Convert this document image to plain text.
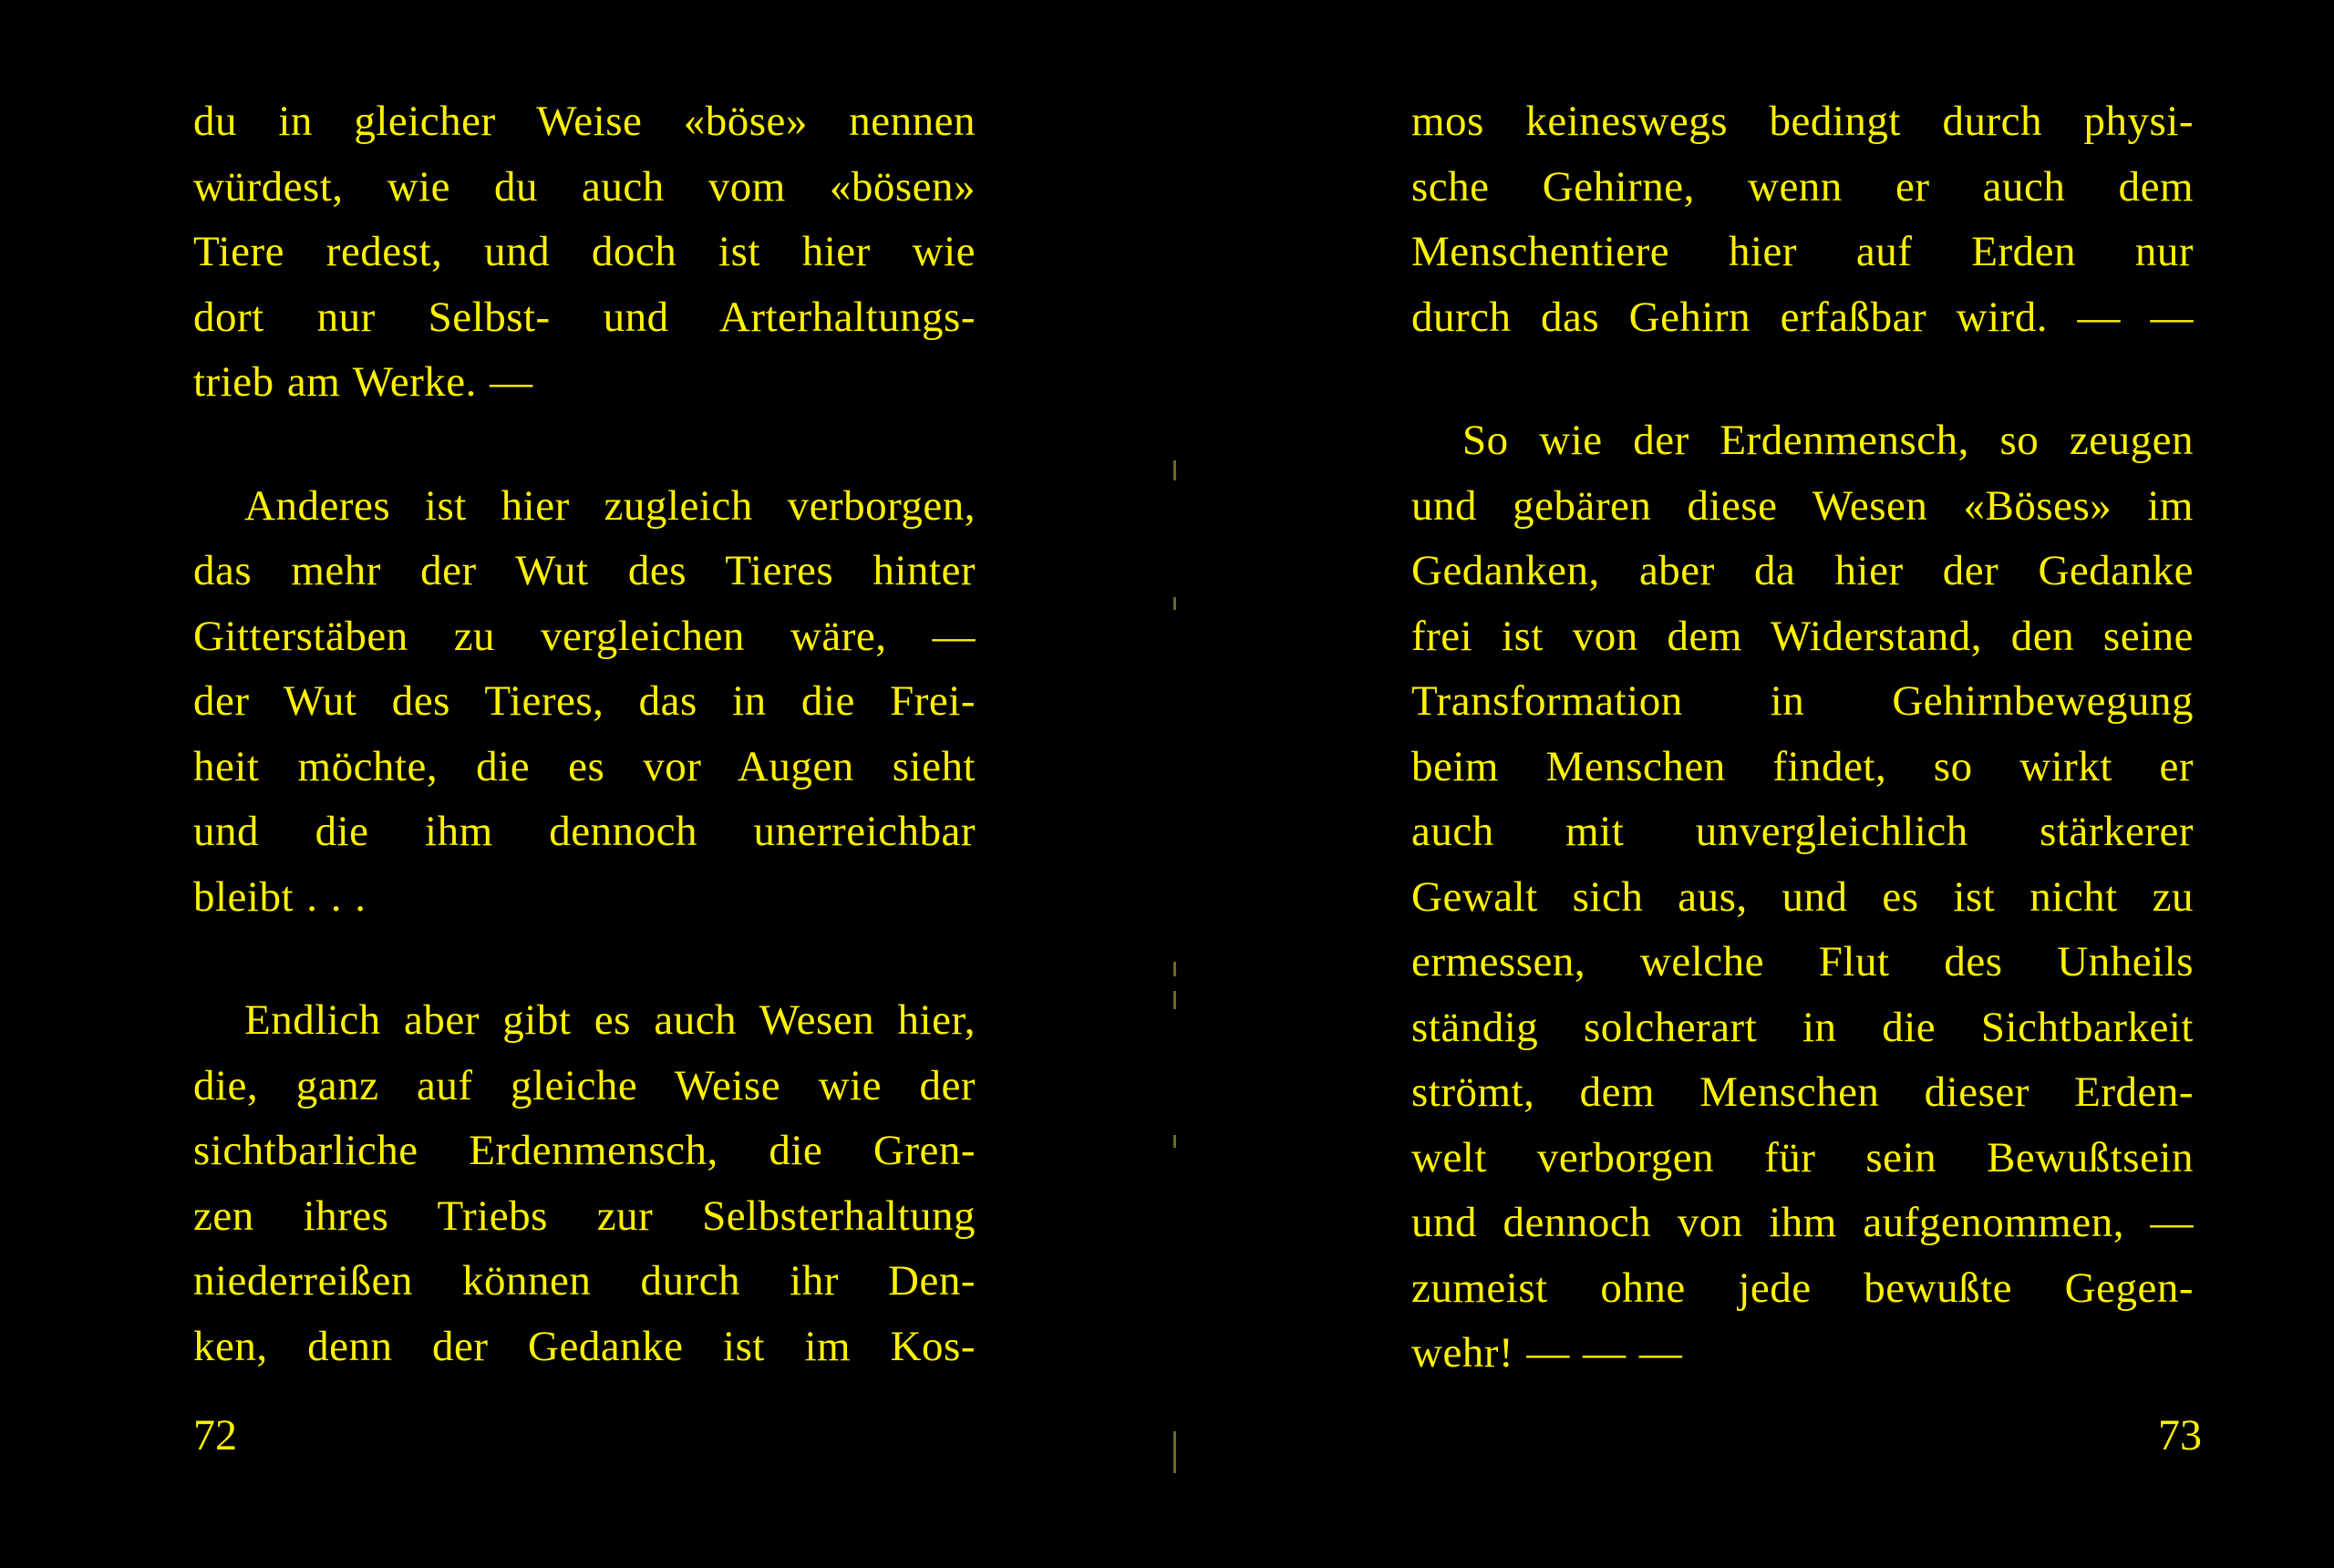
du in gleicher Weise «böse» nennen
würdest, wie du auch vom «bösen»
Tiere redest, und doch ist hier wie
dort nur Selbst- und Arterhaltungs-
trieb am Werke. —
Anderes ist hier zugleich verborgen,
das mehr der Wut des Tieres hinter
Gitterstäben zu vergleichen wäre, —
der Wut des Tieres, das in die Frei-
heit möchte, die es vor Augen sieht
und die ihm dennoch unerreichbar
bleibt . . .
Endlich aber gibt es auch Wesen hier,
die, ganz auf gleiche Weise wie der
sichtbarliche Erdenmensch, die Gren-
zen ihres Triebs zur Selbsterhaltung
niederreißen können durch ihr Den-
ken, denn der Gedanke ist im Kos-
72
mos keineswegs bedingt durch physi-
sche Gehirne, wenn er auch dem
Menschentiere hier auf Erden nur
durch das Gehirn erfaßbar wird. — —
So wie der Erdenmensch, so zeugen
und gebären diese Wesen «Böses» im
Gedanken, aber da hier der Gedanke
frei ist von dem Widerstand, den seine
Transformation in Gehirnbewegung
beim Menschen findet, so wirkt er
auch mit unvergleichlich stärkerer
Gewalt sich aus, und es ist nicht zu
ermessen, welche Flut des Unheils
ständig solcherart in die Sichtbarkeit
strömt, dem Menschen dieser Erden-
welt verborgen für sein Bewußtsein
und dennoch von ihm aufgenommen, —
zumeist ohne jede bewußte Gegen-
wehr! — — —
73
